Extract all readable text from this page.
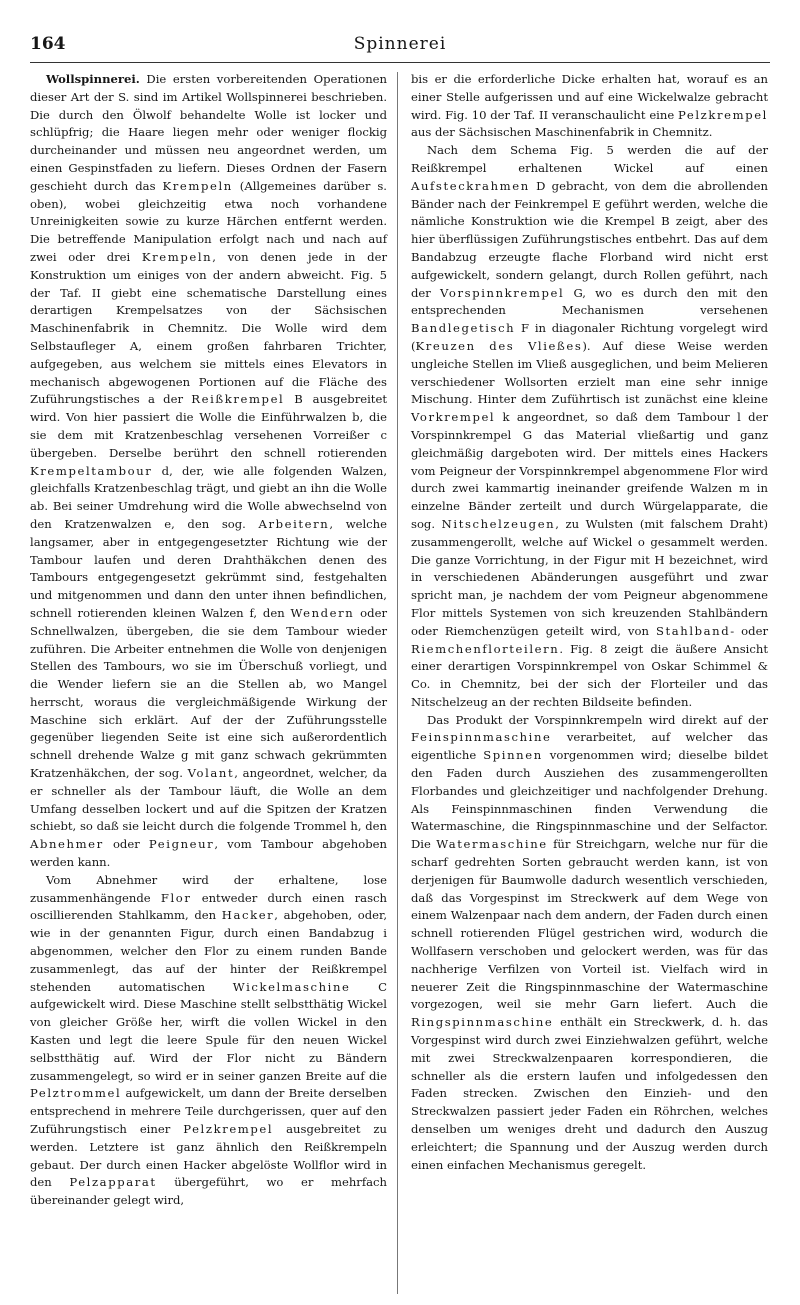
164	Spinnerei

Wollspinnerei. Die ersten vorbereitenden Operationen dieser Art der S. sind im Artikel Wollspinnerei beschrieben. Die durch den Ölwolf behandelte Wolle ist locker und schlüpfrig; die Haare liegen mehr oder weniger flockig durcheinander und müssen neu angeordnet werden, um einen Gespinstfaden zu liefern. Dieses Ordnen der Fasern geschieht durch das Krempeln (Allgemeines darüber s. oben), wobei gleichzeitig etwa noch vorhandene Unreinigkeiten sowie zu kurze Härchen entfernt werden. Die betreffende Manipulation erfolgt nach und nach auf zwei oder drei Krempeln, von denen jede in der Konstruktion um einiges von der andern abweicht. Fig. 5 der Taf. II giebt eine schematische Darstellung eines derartigen Krempelsatzes von der Sächsischen Maschinenfabrik in Chemnitz. Die Wolle wird dem Selbstaufleger A, einem großen fahrbaren Trichter, aufgegeben, aus welchem sie mittels eines Elevators in mechanisch abgewogenen Portionen auf die Fläche des Zuführungstisches a der Reißkrempel B ausgebreitet wird. Von hier passiert die Wolle die Einführwalzen b, die sie dem mit Kratzenbeschlag versehenen Vorreißer c übergeben. Derselbe berührt den schnell rotierenden Krempeltambour d, der, wie alle folgenden Walzen, gleichfalls Kratzenbeschlag trägt, und giebt an ihn die Wolle ab. Bei seiner Umdrehung wird die Wolle abwechselnd von den Kratzenwalzen e, den sog. Arbeitern, welche langsamer, aber in entgegengesetzter Richtung wie der Tambour laufen und deren Drahthäkchen denen des Tambours entgegengesetzt gekrümmt sind, festgehalten und mitgenommen und dann den unter ihnen befindlichen, schnell rotierenden kleinen Walzen f, den Wendern oder Schnellwalzen, übergeben, die sie dem Tambour wieder zuführen. Die Arbeiter entnehmen die Wolle von denjenigen Stellen des Tambours, wo sie im Überschuß vorliegt, und die Wender liefern sie an die Stellen ab, wo Mangel herrscht, woraus die vergleichmäßigende Wirkung der Maschine sich erklärt. Auf der der Zuführungsstelle gegenüber liegenden Seite ist eine sich außerordentlich schnell drehende Walze g mit ganz schwach gekrümmten Kratzenhäkchen, der sog. Volant, angeordnet, welcher, da er schneller als der Tambour läuft, die Wolle an dem Umfang desselben lockert und auf die Spitzen der Kratzen schiebt, so daß sie leicht durch die folgende Trommel h, den Abnehmer oder Peigneur, vom Tambour abgehoben werden kann.

Vom Abnehmer wird der erhaltene, lose zusammenhängende Flor entweder durch einen rasch oscillierenden Stahlkamm, den Hacker, abgehoben, oder, wie in der genannten Figur, durch einen Bandabzug i abgenommen, welcher den Flor zu einem runden Bande zusammenlegt, das auf der hinter der Reißkrempel stehenden automatischen Wickelmaschine C aufgewickelt wird. Diese Maschine stellt selbstthätig Wickel von gleicher Größe her, wirft die vollen Wickel in den Kasten und legt die leere Spule für den neuen Wickel selbstthätig auf. Wird der Flor nicht zu Bändern zusammengelegt, so wird er in seiner ganzen Breite auf die Pelztrommel aufgewickelt, um dann der Breite derselben entsprechend in mehrere Teile durchgerissen, quer auf den Zuführungstisch einer Pelzkrempel ausgebreitet zu werden. Letztere ist ganz ähnlich den Reißkrempeln gebaut. Der durch einen Hacker abgelöste Wollflor wird in den Pelzapparat übergeführt, wo er mehrfach übereinander gelegt wird,

bis er die erforderliche Dicke erhalten hat, worauf es an einer Stelle aufgerissen und auf eine Wickelwalze gebracht wird. Fig. 10 der Taf. II veranschaulicht eine Pelzkrempel aus der Sächsischen Maschinenfabrik in Chemnitz.

Nach dem Schema Fig. 5 werden die auf der Reißkrempel erhaltenen Wickel auf einen Aufsteckrahmen D gebracht, von dem die abrollenden Bänder nach der Feinkrempel E geführt werden, welche die nämliche Konstruktion wie die Krempel B zeigt, aber des hier überflüssigen Zuführungstisches entbehrt. Das auf dem Bandabzug erzeugte flache Florband wird nicht erst aufgewickelt, sondern gelangt, durch Rollen geführt, nach der Vorspinnkrempel G, wo es durch den mit den entsprechenden Mechanismen versehenen Bandlegetisch F in diagonaler Richtung vorgelegt wird (Kreuzen des Vließes). Auf diese Weise werden ungleiche Stellen im Vließ ausgeglichen, und beim Melieren verschiedener Wollsorten erzielt man eine sehr innige Mischung. Hinter dem Zuführtisch ist zunächst eine kleine Vorkrempel k angeordnet, so daß dem Tambour l der Vorspinnkrempel G das Material vließartig und ganz gleichmäßig dargeboten wird. Der mittels eines Hackers vom Peigneur der Vorspinnkrempel abgenommene Flor wird durch zwei kammartig ineinander greifende Walzen m in einzelne Bänder zerteilt und durch Würgelapparate, die sog. Nitschelzeugen, zu Wulsten (mit falschem Draht) zusammengerollt, welche auf Wickel o gesammelt werden. Die ganze Vorrichtung, in der Figur mit H bezeichnet, wird in verschiedenen Abänderungen ausgeführt und zwar spricht man, je nachdem der vom Peigneur abgenommene Flor mittels Systemen von sich kreuzenden Stahlbändern oder Riemchenzügen geteilt wird, von Stahlband- oder Riemchenflorteilern. Fig. 8 zeigt die äußere Ansicht einer derartigen Vorspinnkrempel von Oskar Schimmel & Co. in Chemnitz, bei der sich der Florteiler und das Nitschelzeug an der rechten Bildseite befinden.

Das Produkt der Vorspinnkrempeln wird direkt auf der Feinspinnmaschine verarbeitet, auf welcher das eigentliche Spinnen vorgenommen wird; dieselbe bildet den Faden durch Ausziehen des zusammengerollten Florbandes und gleichzeitiger und nachfolgender Drehung. Als Feinspinnmaschinen finden Verwendung die Watermaschine, die Ringspinnmaschine und der Selfactor. Die Watermaschine für Streichgarn, welche nur für die scharf gedrehten Sorten gebraucht werden kann, ist von derjenigen für Baumwolle dadurch wesentlich verschieden, daß das Vorgespinst im Streckwerk auf dem Wege von einem Walzenpaar nach dem andern, der Faden durch einen schnell rotierenden Flügel gestrichen wird, wodurch die Wollfasern verschoben und gelockert werden, was für das nachherige Verfilzen von Vorteil ist. Vielfach wird in neuerer Zeit die Ringspinnmaschine der Watermaschine vorgezogen, weil sie mehr Garn liefert. Auch die Ringspinnmaschine enthält ein Streckwerk, d. h. das Vorgespinst wird durch zwei Einziehwalzen geführt, welche mit zwei Streckwalzenpaaren korrespondieren, die schneller als die erstern laufen und infolgedessen den Faden strecken. Zwischen den Einzieh- und den Streckwalzen passiert jeder Faden ein Röhrchen, welches denselben um weniges dreht und dadurch den Auszug erleichtert; die Spannung und der Auszug werden durch einen einfachen Mechanismus geregelt.
